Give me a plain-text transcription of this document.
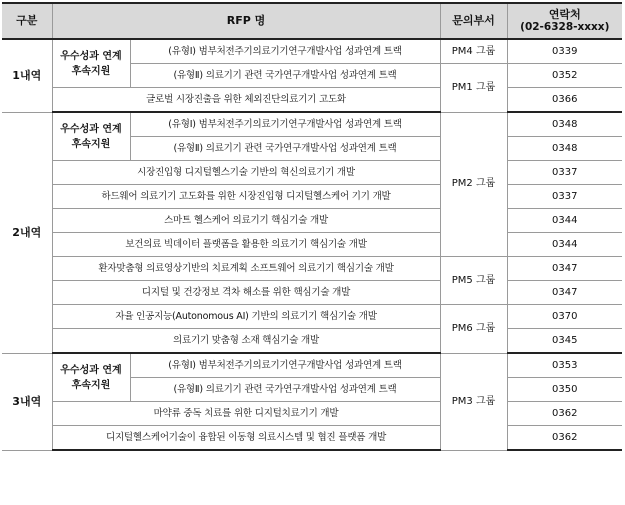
구분	RFP 명		문의부서	연락처
(02-6328-xxxx)

1내역	우수성과 연계 후속지원	(유형Ⅰ) 범부처전주기의료기기연구개발사업 성과연계 트랙	PM4 그룹	0339
		(유형Ⅱ) 의료기기 관련 국가연구개발사업 성과연계 트랙	PM1 그룹	0352
	글로벌 시장진출을 위한 체외진단의료기기 고도화			0366
2내역	우수성과 연계 후속지원	(유형Ⅰ) 범부처전주기의료기기연구개발사업 성과연계 트랙	PM2 그룹	0348
		(유형Ⅱ) 의료기기 관련 국가연구개발사업 성과연계 트랙		0348
	시장진입형 디지털헬스기술 기반의 혁신의료기기 개발			0337
	하드웨어 의료기기 고도화를 위한 시장진입형 디지털헬스케어 기기 개발			0337
	스마트 헬스케어 의료기기 핵심기술 개발			0344
	보건의료 빅데이터 플랫폼을 활용한 의료기기 핵심기술 개발			0344
	환자맞춤형 의료영상기반의 치료계획 소프트웨어 의료기기 핵심기술 개발		PM5 그룹	0347
	디지털 및 건강정보 격차 해소를 위한 핵심기술 개발			0347
	자율 인공지능(Autonomous AI) 기반의 의료기기 핵심기술 개발		PM6 그룹	0370
	의료기기 맞춤형 소재 핵심기술 개발			0345
3내역	우수성과 연계 후속지원	(유형Ⅰ) 범부처전주기의료기기연구개발사업 성과연계 트랙	PM3 그룹	0353
		(유형Ⅱ) 의료기기 관련 국가연구개발사업 성과연계 트랙		0350
	마약류 중독 치료를 위한 디지털치료기기 개발			0362
	디지털헬스케어기술이 융합된 이동형 의료시스템 및 협진 플랫폼 개발			0362
